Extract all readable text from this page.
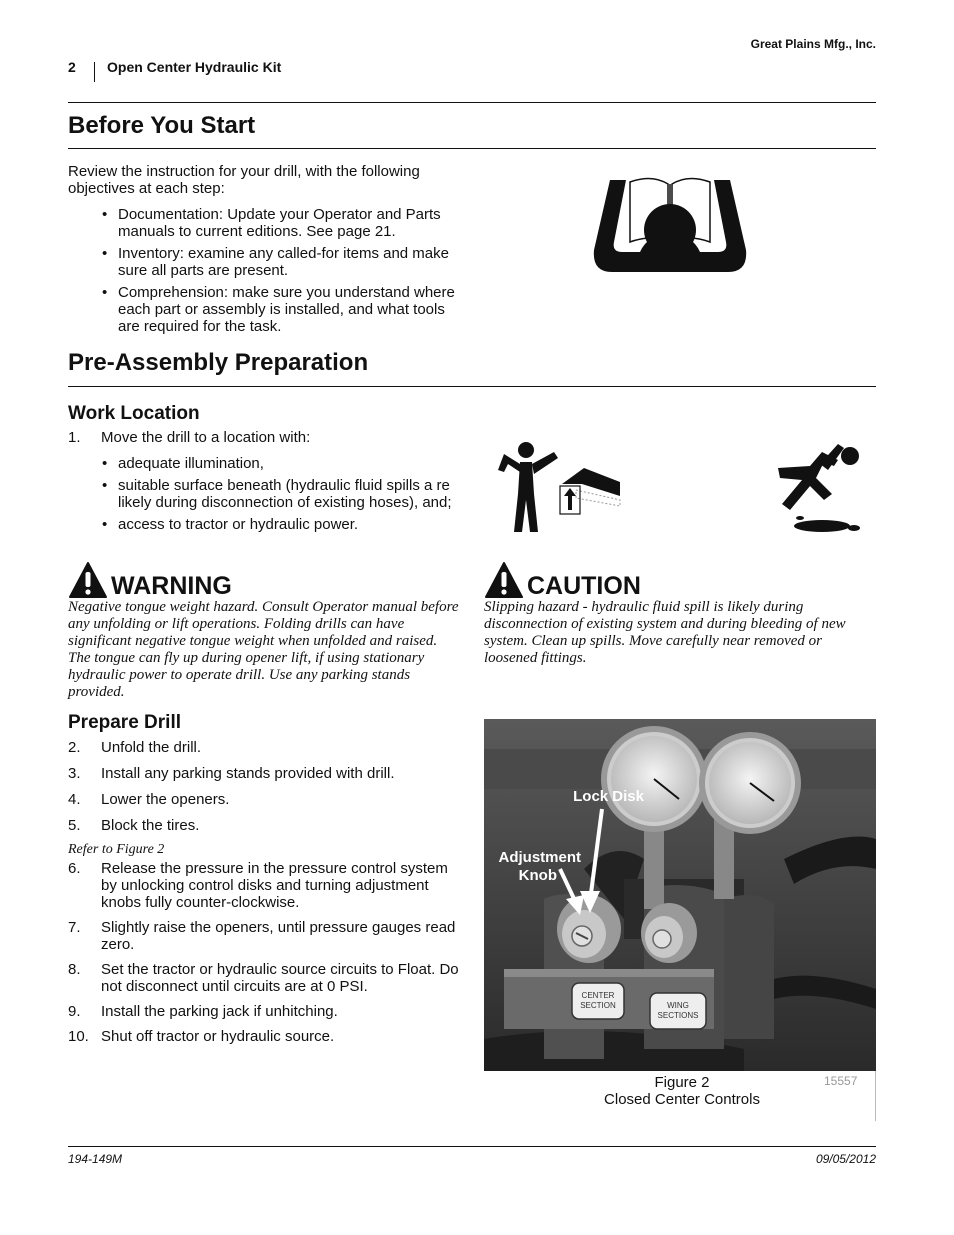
Great Plains Mfg., Inc.
2 Open Center Hydraulic Kit
Before You Start
Review the instruction for your drill, with the following objectives at each step:
• Documentation: Update your Operator and Parts manuals to current editions. See page 21.
• Inventory: examine any called-for items and make sure all parts are present.
• Comprehension: make sure you understand where each part or assembly is installed, and what tools are required for the task.
Pre-Assembly Preparation
Work Location
1. Move the drill to a location with:
• adequate illumination,
• suitable surface beneath (hydraulic fluid spills a re likely during disconnection of existing hoses), and;
• access to tractor or hydraulic power.
WARNING
Negative tongue weight hazard. Consult Operator manual before any unfolding or lift operations. Folding drills can have significant negative tongue weight when unfolded and raised. The tongue can fly up during opener lift, if using stationary hydraulic power to operate drill. Use any parking stands provided.
CAUTION
Slipping hazard - hydraulic fluid spill is likely during disconnection of existing system and during bleeding of new system. Clean up spills. Move carefully near removed or loosened fittings.
Prepare Drill
2. Unfold the drill.
3. Install any parking stands provided with drill.
4. Lower the openers.
5. Block the tires.
Refer to Figure 2
6. Release the pressure in the pressure control system by unlocking control disks and turning adjustment knobs fully counter-clockwise.
7. Slightly raise the openers, until pressure gauges read zero.
8. Set the tractor or hydraulic source circuits to Float. Do not disconnect until circuits are at 0 PSI.
9. Install the parking jack if unhitching.
10. Shut off tractor or hydraulic source.
Lock Disk
Adjustment
Knob
CENTER
SECTION	WING
SECTIONS
15557
Figure 2
Closed Center Controls
194-149M	09/05/2012
